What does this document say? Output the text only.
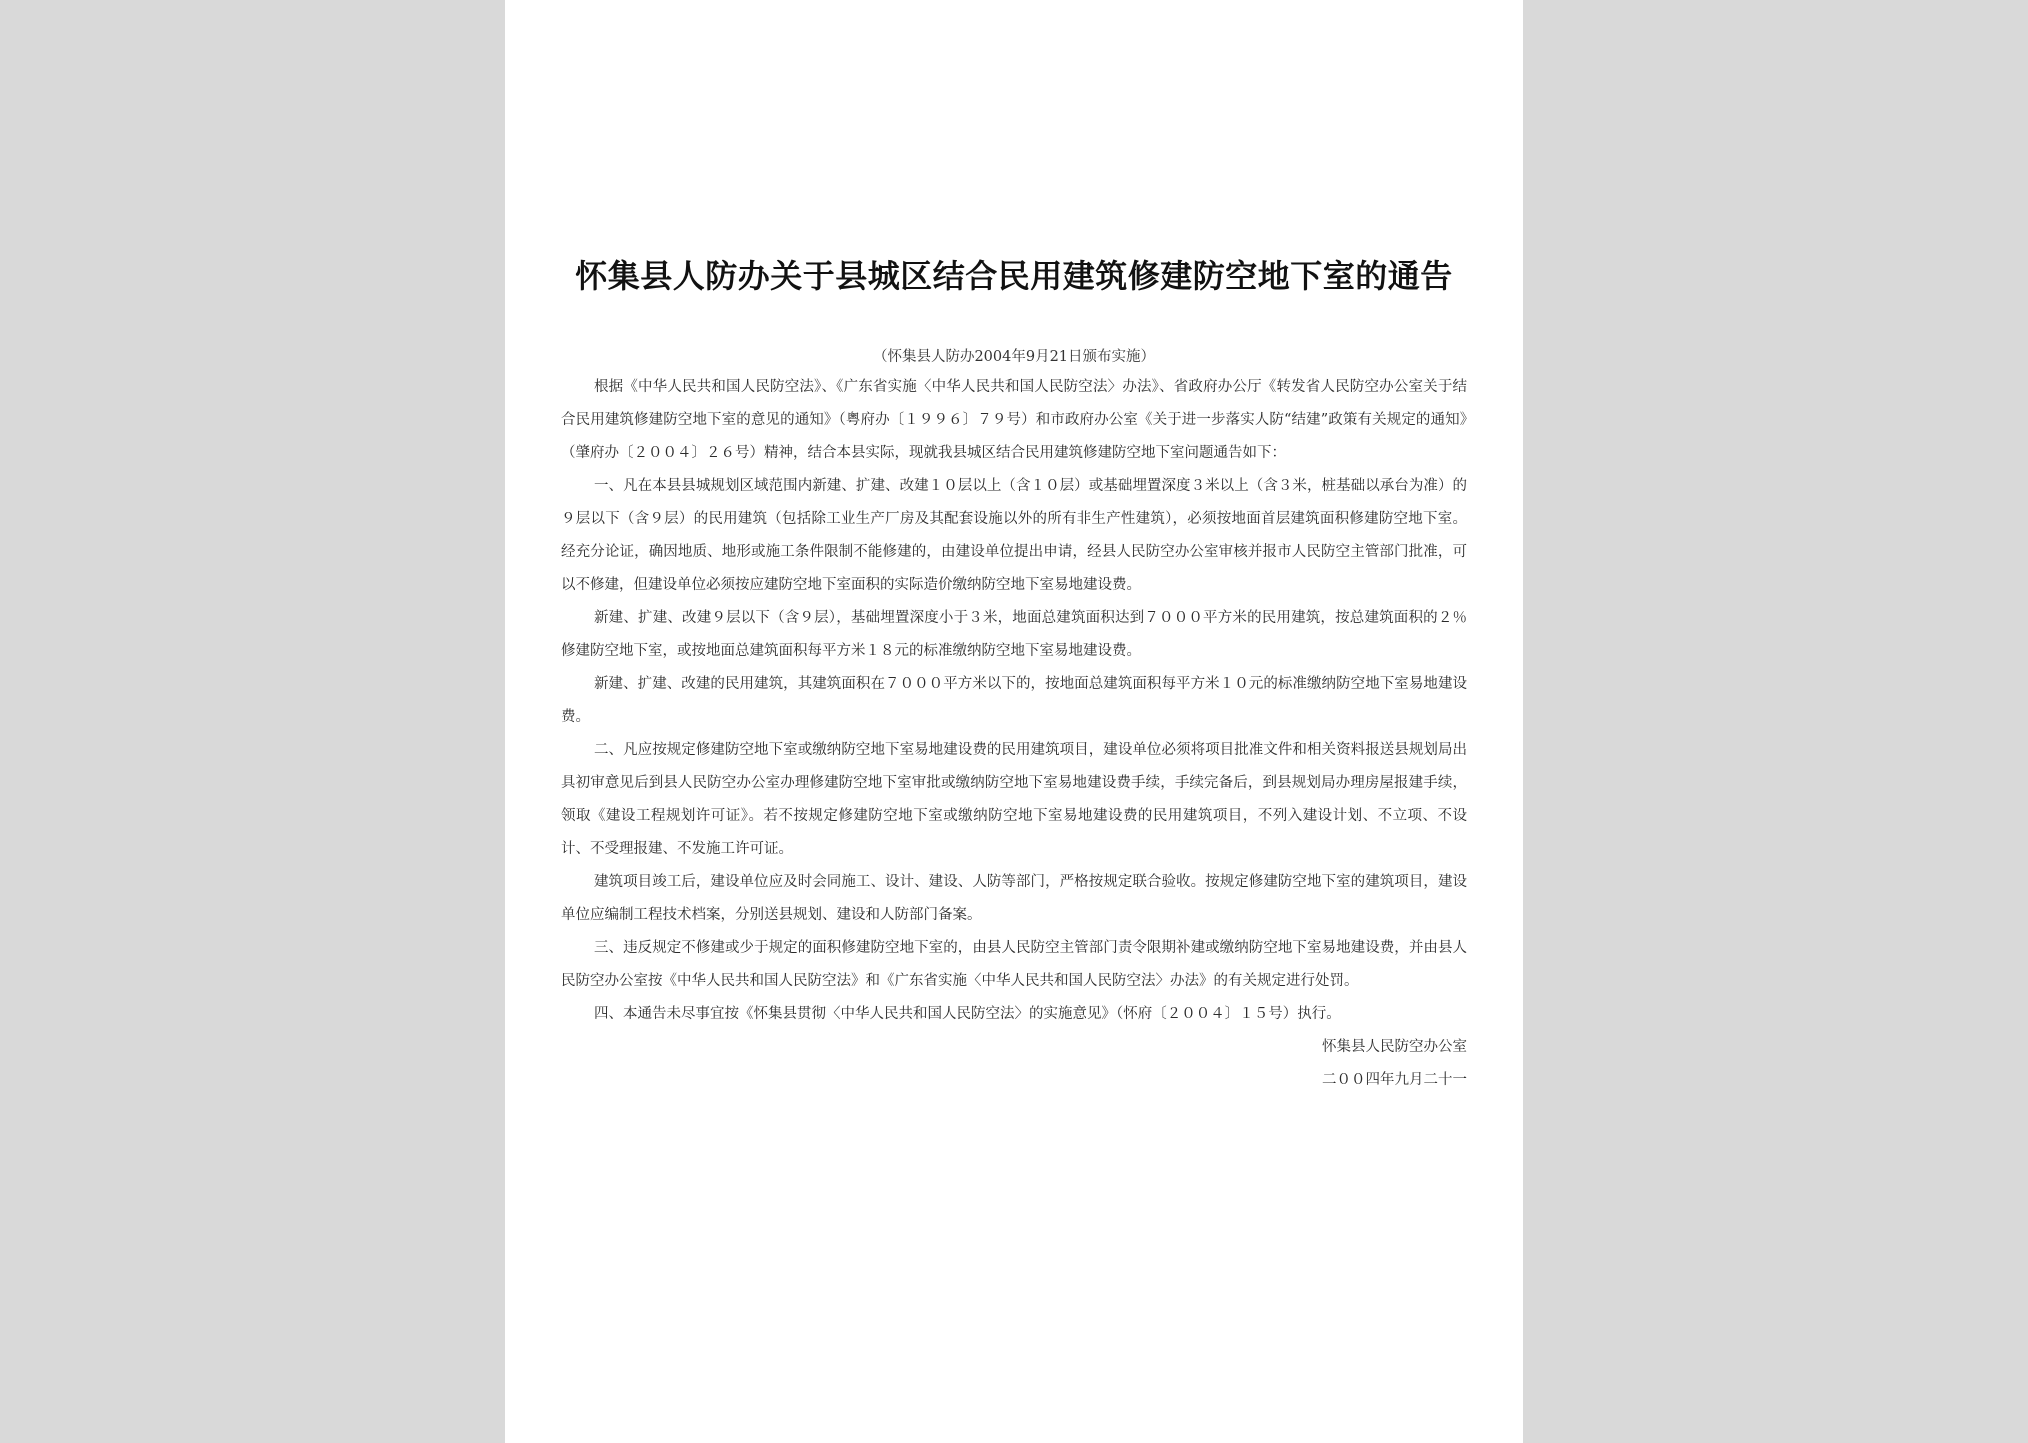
怀集县人防办关于县城区结合民用建筑修建防空地下室的通告

（怀集县人防办2004年9月21日颁布实施）

根据《中华人民共和国人民防空法》、《广东省实施〈中华人民共和国人民防空法〉办法》、省政府办公厅《转发省人民防空办公室关于结合民用建筑修建防空地下室的意见的通知》（粤府办〔１９９６〕７９号）和市政府办公室《关于进一步落实人防“结建”政策有关规定的通知》（肇府办〔２００４〕２６号）精神，结合本县实际，现就我县城区结合民用建筑修建防空地下室问题通告如下：

一、凡在本县县城规划区域范围内新建、扩建、改建１０层以上（含１０层）或基础埋置深度３米以上（含３米，桩基础以承台为准）的９层以下（含９层）的民用建筑（包括除工业生产厂房及其配套设施以外的所有非生产性建筑），必须按地面首层建筑面积修建防空地下室。经充分论证，确因地质、地形或施工条件限制不能修建的，由建设单位提出申请，经县人民防空办公室审核并报市人民防空主管部门批准，可以不修建，但建设单位必须按应建防空地下室面积的实际造价缴纳防空地下室易地建设费。

新建、扩建、改建９层以下（含９层），基础埋置深度小于３米，地面总建筑面积达到７０００平方米的民用建筑，按总建筑面积的２％修建防空地下室，或按地面总建筑面积每平方米１８元的标准缴纳防空地下室易地建设费。

新建、扩建、改建的民用建筑，其建筑面积在７０００平方米以下的，按地面总建筑面积每平方米１０元的标准缴纳防空地下室易地建设费。

二、凡应按规定修建防空地下室或缴纳防空地下室易地建设费的民用建筑项目，建设单位必须将项目批准文件和相关资料报送县规划局出具初审意见后到县人民防空办公室办理修建防空地下室审批或缴纳防空地下室易地建设费手续，手续完备后，到县规划局办理房屋报建手续，领取《建设工程规划许可证》。若不按规定修建防空地下室或缴纳防空地下室易地建设费的民用建筑项目，不列入建设计划、不立项、不设计、不受理报建、不发施工许可证。

建筑项目竣工后，建设单位应及时会同施工、设计、建设、人防等部门，严格按规定联合验收。按规定修建防空地下室的建筑项目，建设单位应编制工程技术档案，分别送县规划、建设和人防部门备案。

三、违反规定不修建或少于规定的面积修建防空地下室的，由县人民防空主管部门责令限期补建或缴纳防空地下室易地建设费，并由县人民防空办公室按《中华人民共和国人民防空法》和《广东省实施〈中华人民共和国人民防空法〉办法》的有关规定进行处罚。

四、本通告未尽事宜按《怀集县贯彻〈中华人民共和国人民防空法〉的实施意见》（怀府〔２００４〕１５号）执行。

怀集县人民防空办公室

二００四年九月二十一
